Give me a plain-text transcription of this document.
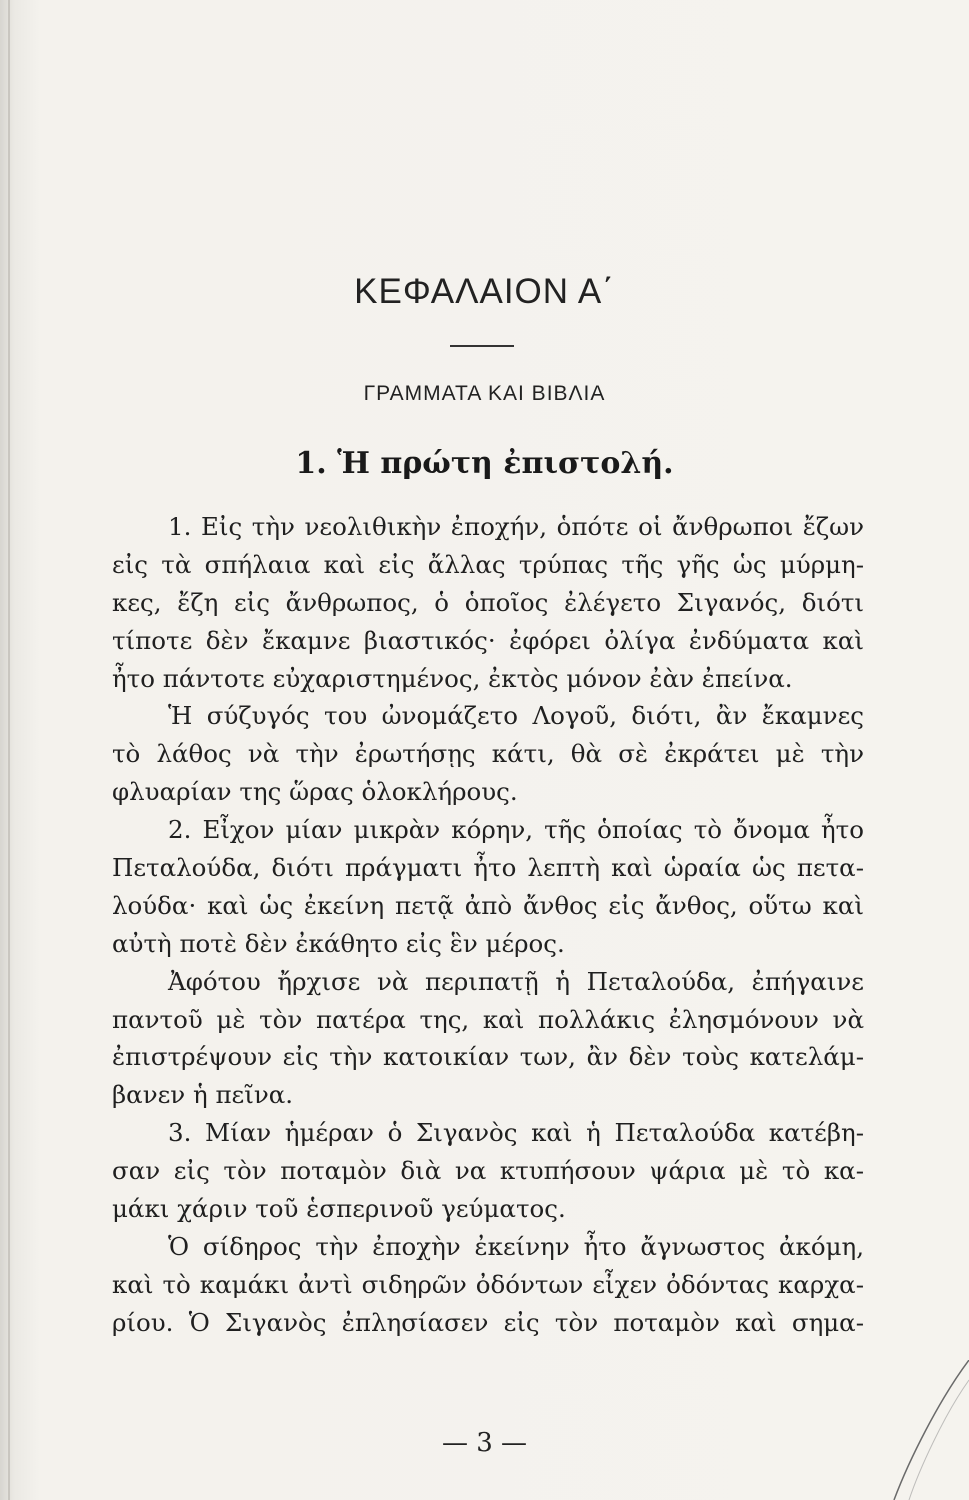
ΚΕΦΑΛΑΙΟΝ Α΄
ΓΡΑΜΜΑΤΑ ΚΑΙ ΒΙΒΛΙΑ
1. Ἡ πρώτη ἐπιστολή.
1. Εἰς τὴν νεολιθικὴν ἐποχήν, ὁπότε οἱ ἄνθρωποι ἔζων
εἰς τὰ σπήλαια καὶ εἰς ἄλλας τρύπας τῆς γῆς ὡς μύρμη-
κες, ἔζη εἰς ἄνθρωπος, ὁ ὁποῖος ἐλέγετο Σιγανός, διότι
τίποτε δὲν ἔκαμνε βιαστικός· ἐφόρει ὀλίγα ἐνδύματα καὶ
ἦτο πάντοτε εὐχαριστημένος, ἐκτὸς μόνον ἐὰν ἐπείνα.
Ἡ σύζυγός του ὠνομάζετο Λογοῦ, διότι, ἂν ἔκαμνες
τὸ λάθος νὰ τὴν ἐρωτήσῃς κάτι, θὰ σὲ ἐκράτει μὲ τὴν
φλυαρίαν της ὥρας ὁλοκλήρους.
2. Εἶχον μίαν μικρὰν κόρην, τῆς ὁποίας τὸ ὄνομα ἦτο
Πεταλούδα, διότι πράγματι ἦτο λεπτὴ καὶ ὡραία ὡς πετα-
λούδα· καὶ ὡς ἐκείνη πετᾷ ἀπὸ ἄνθος εἰς ἄνθος, οὕτω καὶ
αὐτὴ ποτὲ δὲν ἐκάθητο εἰς ἓν μέρος.
Ἀφότου ἤρχισε νὰ περιπατῇ ἡ Πεταλούδα, ἐπήγαινε
παντοῦ μὲ τὸν πατέρα της, καὶ πολλάκις ἐλησμόνουν νὰ
ἐπιστρέψουν εἰς τὴν κατοικίαν των, ἂν δὲν τοὺς κατελάμ-
βανεν ἡ πεῖνα.
3. Μίαν ἡμέραν ὁ Σιγανὸς καὶ ἡ Πεταλούδα κατέβη-
σαν εἰς τὸν ποταμὸν διὰ να κτυπήσουν ψάρια μὲ τὸ κα-
μάκι χάριν τοῦ ἑσπερινοῦ γεύματος.
Ὁ σίδηρος τὴν ἐποχὴν ἐκείνην ἦτο ἄγνωστος ἀκόμη,
καὶ τὸ καμάκι ἀντὶ σιδηρῶν ὀδόντων εἶχεν ὀδόντας καρχα-
ρίου. Ὁ Σιγανὸς ἐπλησίασεν εἰς τὸν ποταμὸν καὶ σημα-
— 3 —
